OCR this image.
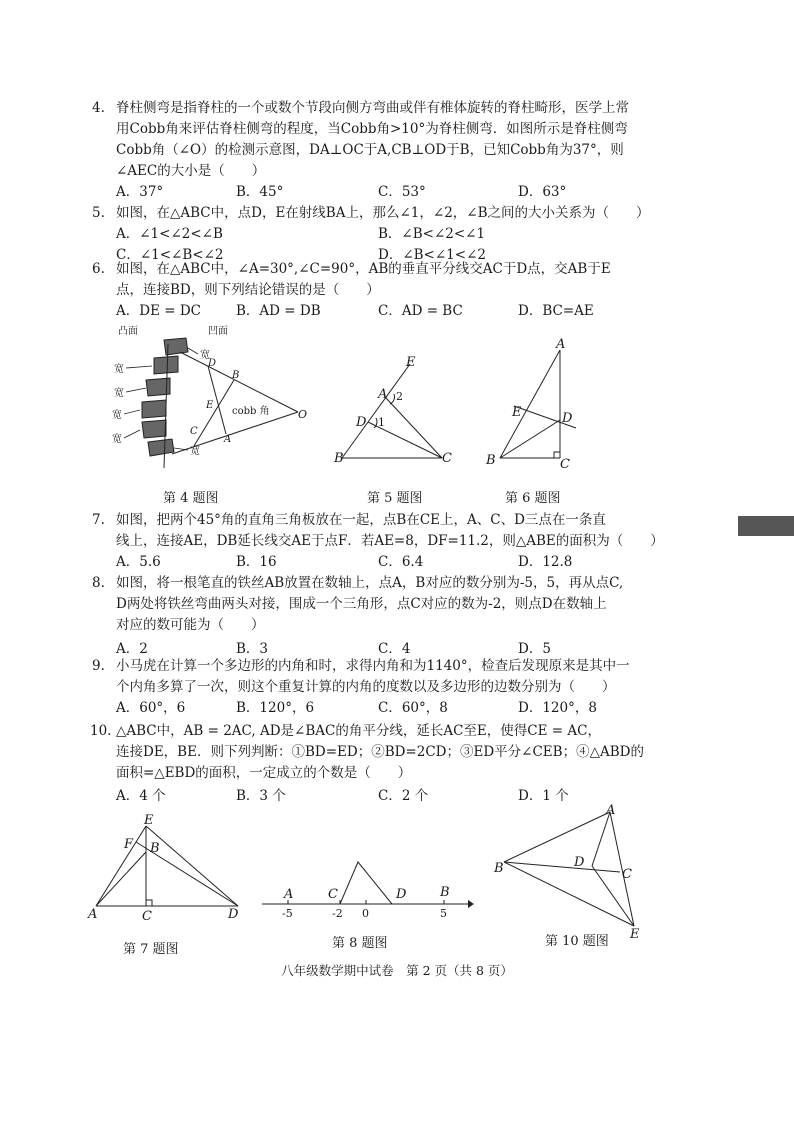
4. 脊柱侧弯是指脊柱的一个或数个节段向侧方弯曲或伴有椎体旋转的脊柱畸形，医学上常

用Cobb角来评估脊柱侧弯的程度，当Cobb角>10°为脊柱侧弯．如图所示是脊柱侧弯

Cobb角（∠O）的检测示意图，DA⊥OC于A,CB⊥OD于B，已知Cobb角为37°，则

∠AEC的大小是（　　）

A．37°	B．45°	C．53°	D．63°

5. 如图，在△ABC中，点D，E在射线BA上，那么∠1，∠2，∠B之间的大小关系为（　　）

A．∠1<∠2<∠B	B．∠B<∠2<∠1
C．∠1<∠B<∠2	D．∠B<∠1<∠2

6. 如图，在△ABC中，∠A=30°,∠C=90°，AB的垂直平分线交AC于D点，交AB于E

点，连接BD，则下列结论错误的是（　　）

A．DE = DC	B．AD = DB	C．AD = BC	D．BC=AE
凸面	凹面
宽
宽
宽
宽
宽
宽
D
B
E
C
A
O
cobb 角
第 4 题图
E
A
D
B	C
2
1
第 5 题图
A
E	D
B	C
第 6 题图

7. 如图，把两个45°角的直角三角板放在一起，点B在CE上，A、C、D三点在一条直

线上，连接AE，DB延长线交AE于点F．若AE=8，DF=11.2，则△ABE的面积为（　　）

A．5.6	B．16	C．6.4	D．12.8

8. 如图，将一根笔直的铁丝AB放置在数轴上，点A，B对应的数分别为-5，5，再从点C,

D两处将铁丝弯曲两头对接，围成一个三角形，点C对应的数为-2，则点D在数轴上

对应的数可能为（　　）

A．2	B．3	C．4	D．5

9. 小马虎在计算一个多边形的内角和时，求得内角和为1140°，检查后发现原来是其中一

个内角多算了一次，则这个重复计算的内角的度数以及多边形的边数分别为（　　）

A．60°，6	B．120°，6	C．60°，8	D．120°，8

10. △ABC中，AB = 2AC, AD是∠BAC的角平分线，延长AC至E，使得CE = AC，

连接DE，BE．则下列判断：①BD=ED；②BD=2CD；③ED平分∠CEB；④△ABD的

面积=△EBD的面积，一定成立的个数是（　　）

A．4 个	B．3 个	C．2 个	D．1 个
E
F B
A	C	D
第 7 题图
A	C	D	B
-5	-2 0	5
第 8 题图
A
B	D
C
E
第 10 题图
八年级数学期中试卷　第 2 页（共 8 页）
